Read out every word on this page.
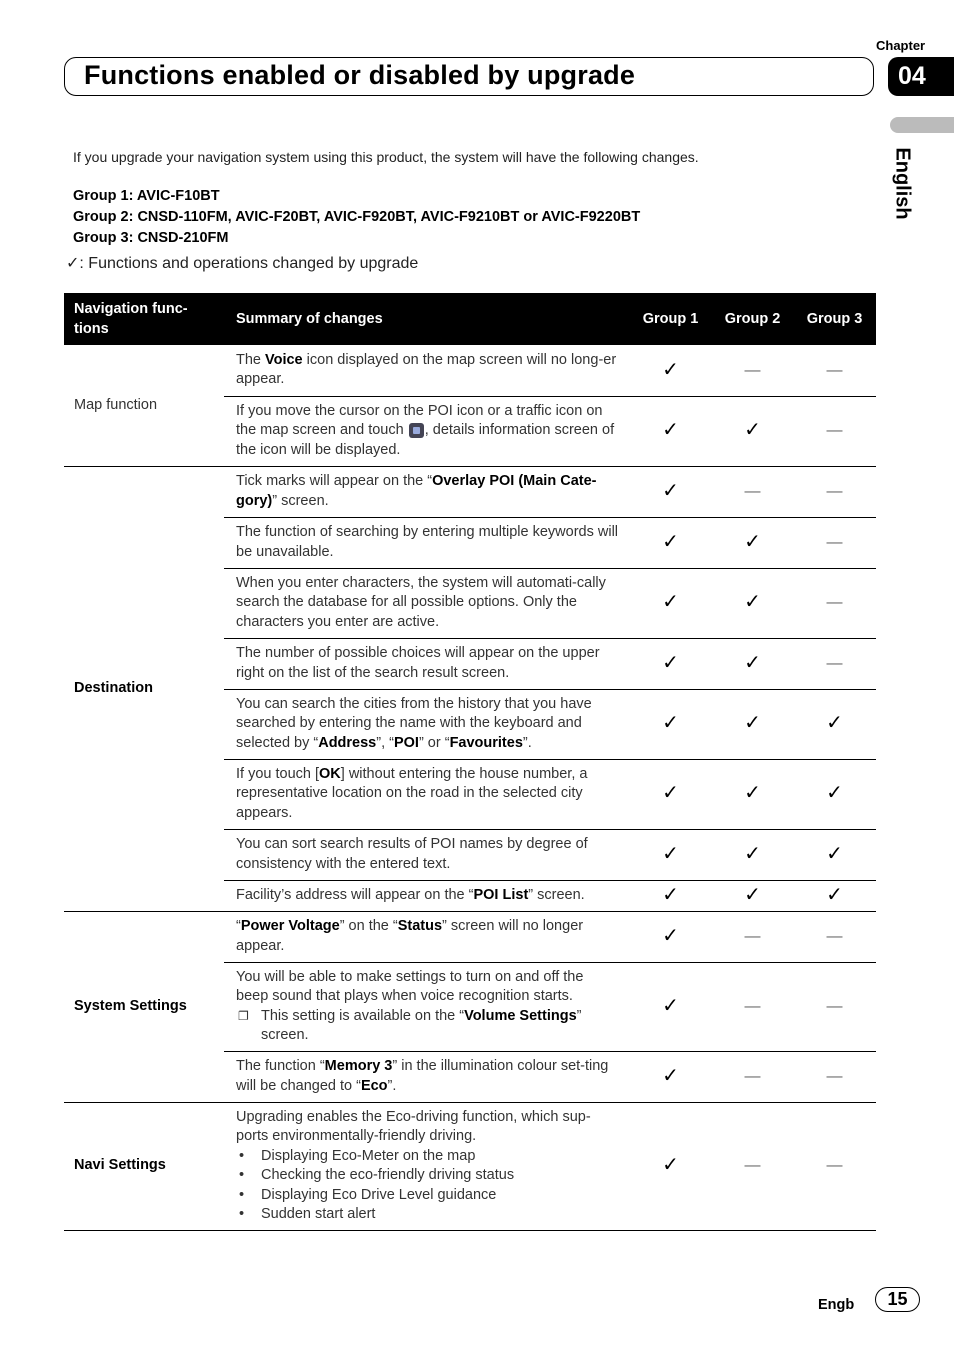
Chapter
Functions enabled or disabled by upgrade	04
English
If you upgrade your navigation system using this product, the system will have the following changes.
Group 1: AVIC-F10BT
Group 2: CNSD-110FM, AVIC-F20BT, AVIC-F920BT, AVIC-F9210BT or AVIC-F9220BT
Group 3: CNSD-210FM
✓: Functions and operations changed by upgrade
Navigation func-
tions	Summary of changes	Group 1	Group 2	Group 3
Map function	The Voice icon displayed on the map screen will no long-er appear.	✓	—	—
	If you move the cursor on the POI icon or a traffic icon on the map screen and touch , details information screen of the icon will be displayed.	✓	✓	—
Destination	Tick marks will appear on the “Overlay POI (Main Cate-gory)” screen.	✓	—	—
	The function of searching by entering multiple keywords will be unavailable.	✓	✓	—
	When you enter characters, the system will automati-cally search the database for all possible options. Only the characters you enter are active.	✓	✓	—
	The number of possible choices will appear on the upper right on the list of the search result screen.	✓	✓	—
	You can search the cities from the history that you have searched by entering the name with the keyboard and selected by “Address”, “POI” or “Favourites”.	✓	✓	✓
	If you touch [OK] without entering the house number, a representative location on the road in the selected city appears.	✓	✓	✓
	You can sort search results of POI names by degree of consistency with the entered text.	✓	✓	✓
	Facility’s address will appear on the “POI List” screen.	✓	✓	✓
System Settings	“Power Voltage” on the “Status” screen will no longer appear.	✓	—	—
	You will be able to make settings to turn on and off the beep sound that plays when voice recognition starts.
❐ This setting is available on the “Volume Settings” screen.	✓	—	—
	The function “Memory 3” in the illumination colour set-ting will be changed to “Eco”.	✓	—	—
Navi Settings	Upgrading enables the Eco-driving function, which sup-ports environmentally-friendly driving.
• Displaying Eco-Meter on the map
• Checking the eco-friendly driving status
• Displaying Eco Drive Level guidance
• Sudden start alert	✓	—	—
Engb	15
